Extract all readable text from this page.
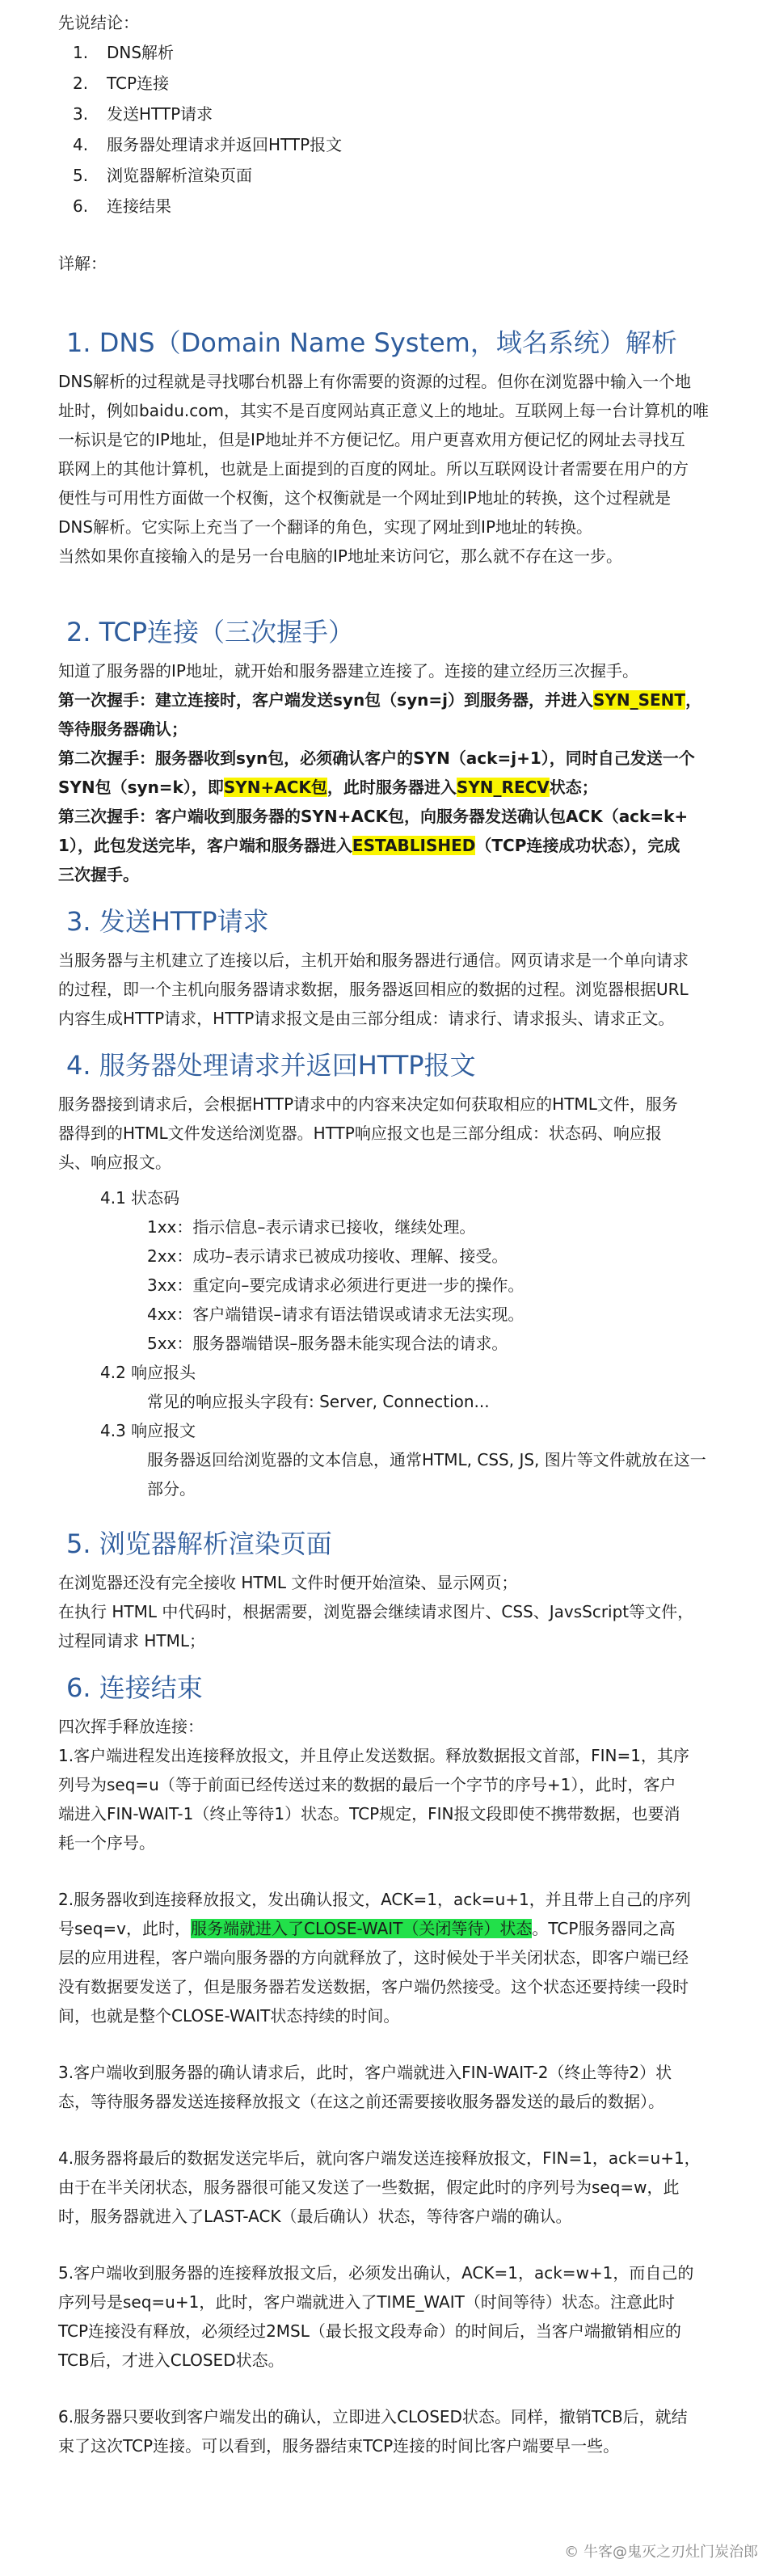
先说结论：

1. DNS解析
2. TCP连接
3. 发送HTTP请求
4. 服务器处理请求并返回HTTP报文
5. 浏览器解析渲染页面
6. 连接结果

详解：

1. DNS（Domain Name System，域名系统）解析

DNS解析的过程就是寻找哪台机器上有你需要的资源的过程。但你在浏览器中输入一个地

址时，例如baidu.com，其实不是百度网站真正意义上的地址。互联网上每一台计算机的唯

一标识是它的IP地址，但是IP地址并不方便记忆。用户更喜欢用方便记忆的网址去寻找互

联网上的其他计算机，也就是上面提到的百度的网址。所以互联网设计者需要在用户的方

便性与可用性方面做一个权衡，这个权衡就是一个网址到IP地址的转换，这个过程就是

DNS解析。它实际上充当了一个翻译的角色，实现了网址到IP地址的转换。

当然如果你直接输入的是另一台电脑的IP地址来访问它，那么就不存在这一步。

2. TCP连接（三次握手）

知道了服务器的IP地址，就开始和服务器建立连接了。连接的建立经历三次握手。

第一次握手：建立连接时，客户端发送syn包（syn=j）到服务器，并进入SYN_SENT，

等待服务器确认；

第二次握手：服务器收到syn包，必须确认客户的SYN（ack=j+1），同时自己发送一个

SYN包（syn=k），即SYN+ACK包，此时服务器进入SYN_RECV状态；

第三次握手：客户端收到服务器的SYN+ACK包，向服务器发送确认包ACK（ack=k+

1），此包发送完毕，客户端和服务器进入ESTABLISHED（TCP连接成功状态），完成

三次握手。

3. 发送HTTP请求

当服务器与主机建立了连接以后，主机开始和服务器进行通信。网页请求是一个单向请求

的过程，即一个主机向服务器请求数据，服务器返回相应的数据的过程。浏览器根据URL

内容生成HTTP请求，HTTP请求报文是由三部分组成：请求行、请求报头、请求正文。

4. 服务器处理请求并返回HTTP报文

服务器接到请求后，会根据HTTP请求中的内容来决定如何获取相应的HTML文件，服务

器得到的HTML文件发送给浏览器。HTTP响应报文也是三部分组成：状态码、响应报

头、响应报文。

4.1 状态码

1xx：指示信息–表示请求已接收，继续处理。

2xx：成功–表示请求已被成功接收、理解、接受。

3xx：重定向–要完成请求必须进行更进一步的操作。

4xx：客户端错误–请求有语法错误或请求无法实现。

5xx：服务器端错误–服务器未能实现合法的请求。

4.2 响应报头

常见的响应报头字段有: Server, Connection...

4.3 响应报文

服务器返回给浏览器的文本信息，通常HTML, CSS, JS, 图片等文件就放在这一

部分。

5. 浏览器解析渲染页面

在浏览器还没有完全接收 HTML 文件时便开始渲染、显示网页；

在执行 HTML 中代码时，根据需要，浏览器会继续请求图片、CSS、JavsScript等文件，

过程同请求 HTML；

6. 连接结束

四次挥手释放连接：

1.客户端进程发出连接释放报文，并且停止发送数据。释放数据报文首部，FIN=1，其序

列号为seq=u（等于前面已经传送过来的数据的最后一个字节的序号+1），此时，客户

端进入FIN-WAIT-1（终止等待1）状态。TCP规定，FIN报文段即使不携带数据，也要消

耗一个序号。

2.服务器收到连接释放报文，发出确认报文，ACK=1，ack=u+1，并且带上自己的序列

号seq=v，此时，服务端就进入了CLOSE-WAIT（关闭等待）状态。TCP服务器同之高

层的应用进程，客户端向服务器的方向就释放了，这时候处于半关闭状态，即客户端已经

没有数据要发送了，但是服务器若发送数据，客户端仍然接受。这个状态还要持续一段时

间，也就是整个CLOSE-WAIT状态持续的时间。

3.客户端收到服务器的确认请求后，此时，客户端就进入FIN-WAIT-2（终止等待2）状

态，等待服务器发送连接释放报文（在这之前还需要接收服务器发送的最后的数据）。

4.服务器将最后的数据发送完毕后，就向客户端发送连接释放报文，FIN=1，ack=u+1，

由于在半关闭状态，服务器很可能又发送了一些数据，假定此时的序列号为seq=w，此

时，服务器就进入了LAST-ACK（最后确认）状态，等待客户端的确认。

5.客户端收到服务器的连接释放报文后，必须发出确认，ACK=1，ack=w+1，而自己的

序列号是seq=u+1，此时，客户端就进入了TIME_WAIT（时间等待）状态。注意此时

TCP连接没有释放，必须经过2MSL（最长报文段寿命）的时间后，当客户端撤销相应的

TCB后，才进入CLOSED状态。

6.服务器只要收到客户端发出的确认，立即进入CLOSED状态。同样，撤销TCB后，就结

束了这次TCP连接。可以看到，服务器结束TCP连接的时间比客户端要早一些。

© 牛客@鬼灭之刃灶门炭治郎
